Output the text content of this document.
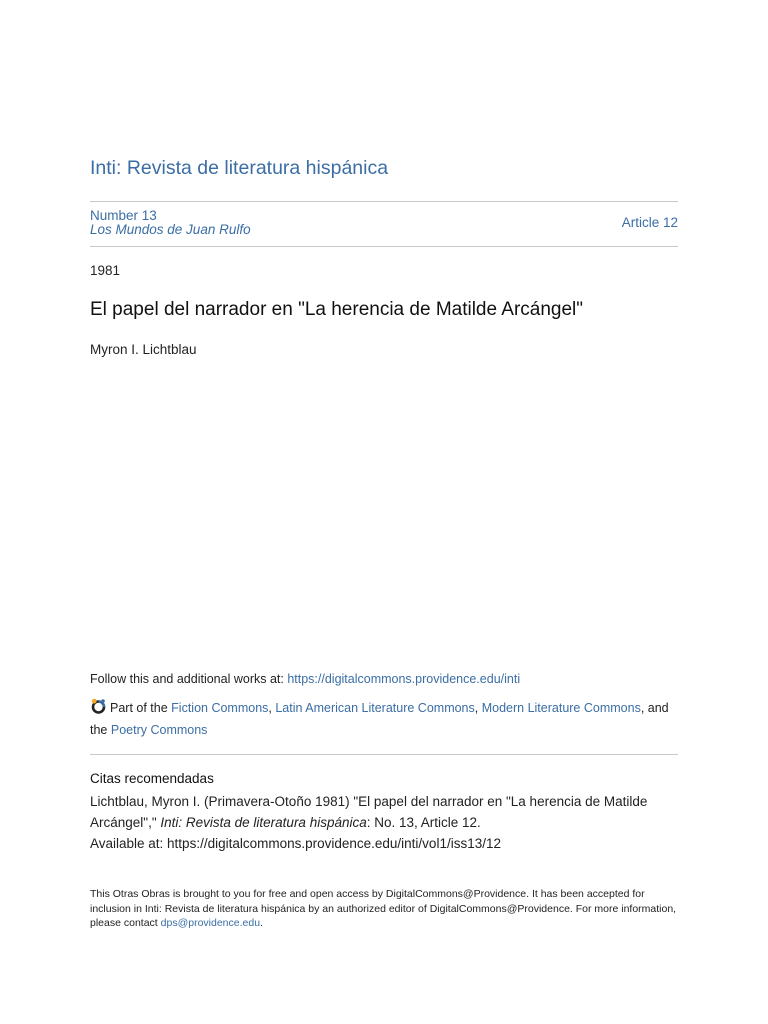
Inti: Revista de literatura hispánica
Number 13
Los Mundos de Juan Rulfo	Article 12
1981
El papel del narrador en "La herencia de Matilde Arcángel"
Myron I. Lichtblau
Follow this and additional works at: https://digitalcommons.providence.edu/inti
Part of the Fiction Commons, Latin American Literature Commons, Modern Literature Commons, and
the Poetry Commons
Citas recomendadas
Lichtblau, Myron I. (Primavera-Otoño 1981) "El papel del narrador en "La herencia de Matilde Arcángel"," Inti: Revista de literatura hispánica: No. 13, Article 12.
Available at: https://digitalcommons.providence.edu/inti/vol1/iss13/12
This Otras Obras is brought to you for free and open access by DigitalCommons@Providence. It has been accepted for inclusion in Inti: Revista de literatura hispánica by an authorized editor of DigitalCommons@Providence. For more information, please contact dps@providence.edu.
